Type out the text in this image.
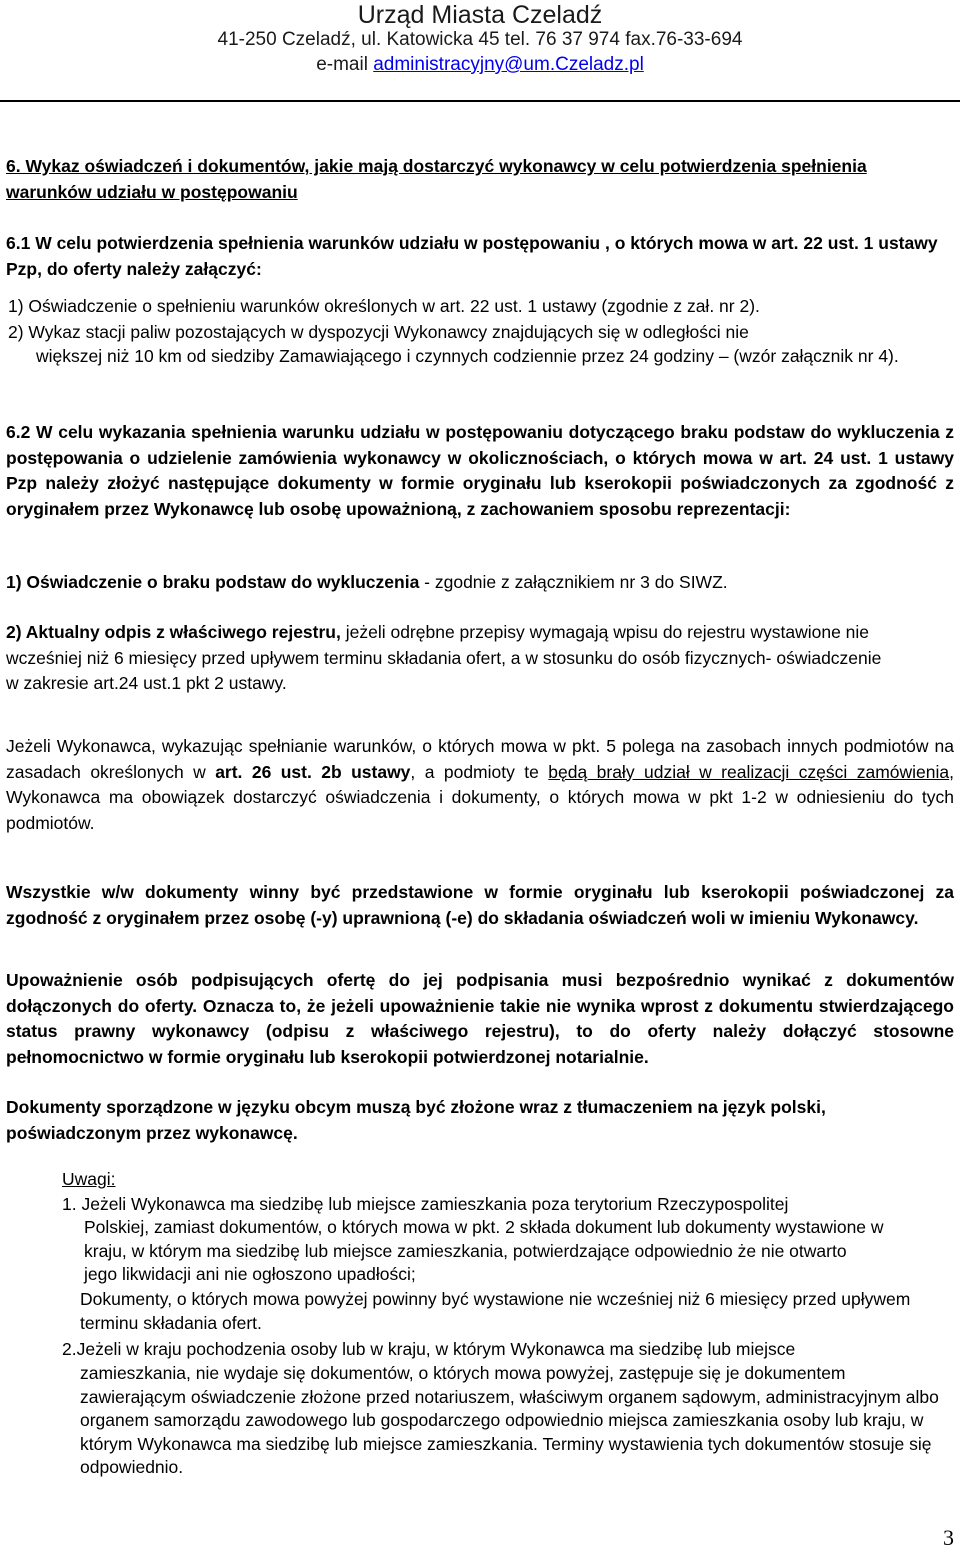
Urząd Miasta Czeladź
41-250 Czeladź, ul. Katowicka 45 tel. 76 37 974 fax.76-33-694
e-mail administracyjny@um.Czeladz.pl

6. Wykaz oświadczeń i dokumentów, jakie mają dostarczyć wykonawcy w celu potwierdzenia spełnienia warunków udziału w postępowaniu

6.1 W celu potwierdzenia spełnienia warunków udziału w postępowaniu , o których mowa w art. 22 ust. 1 ustawy Pzp, do oferty należy załączyć:

1) Oświadczenie o spełnieniu warunków określonych w art. 22 ust. 1 ustawy (zgodnie z zał. nr 2).

2) Wykaz stacji paliw pozostających w dyspozycji Wykonawcy znajdujących się w odległości nie

większej niż 10 km od siedziby Zamawiającego i czynnych codziennie przez 24 godziny – (wzór załącznik nr 4).

6.2 W celu wykazania spełnienia warunku udziału w postępowaniu dotyczącego braku podstaw do wykluczenia z postępowania o udzielenie zamówienia wykonawcy w okolicznościach, o których mowa w art. 24 ust. 1 ustawy Pzp należy złożyć następujące dokumenty w formie oryginału lub kserokopii poświadczonych za zgodność z oryginałem przez Wykonawcę lub osobę upoważnioną, z zachowaniem sposobu reprezentacji:

1) Oświadczenie o braku podstaw do wykluczenia - zgodnie z załącznikiem nr 3 do SIWZ.

2) Aktualny odpis z właściwego rejestru, jeżeli odrębne przepisy wymagają wpisu do rejestru wystawione nie wcześniej niż 6 miesięcy przed upływem terminu składania ofert, a w stosunku do osób fizycznych- oświadczenie w zakresie art.24 ust.1 pkt 2 ustawy.

Jeżeli Wykonawca, wykazując spełnianie warunków, o których mowa w pkt. 5 polega na zasobach innych podmiotów na zasadach określonych w art. 26 ust. 2b ustawy, a podmioty te będą brały udział w realizacji części zamówienia, Wykonawca ma obowiązek dostarczyć oświadczenia i dokumenty, o których mowa w pkt 1-2 w odniesieniu do tych podmiotów.

Wszystkie w/w dokumenty winny być przedstawione w formie oryginału lub kserokopii poświadczonej za zgodność z oryginałem przez osobę (-y) uprawnioną (-e) do składania oświadczeń woli w imieniu Wykonawcy.

Upoważnienie osób podpisujących ofertę do jej podpisania musi bezpośrednio wynikać z dokumentów dołączonych do oferty. Oznacza to, że jeżeli upoważnienie takie nie wynika wprost z dokumentu stwierdzającego status prawny wykonawcy (odpisu z właściwego rejestru), to do oferty należy dołączyć stosowne pełnomocnictwo w formie oryginału lub kserokopii potwierdzonej notarialnie.

Dokumenty sporządzone w języku obcym muszą być złożone wraz z tłumaczeniem na język polski, poświadczonym przez wykonawcę.

Uwagi:

1. Jeżeli Wykonawca ma siedzibę lub miejsce zamieszkania poza terytorium Rzeczypospolitej

Polskiej, zamiast dokumentów, o których mowa w pkt. 2 składa dokument lub dokumenty wystawione w kraju, w którym ma siedzibę lub miejsce zamieszkania, potwierdzające odpowiednio że nie otwarto jego likwidacji ani nie ogłoszono upadłości;

Dokumenty, o których mowa powyżej powinny być wystawione nie wcześniej niż 6 miesięcy przed upływem terminu składania ofert.

2.Jeżeli w kraju pochodzenia osoby lub w kraju, w którym Wykonawca ma siedzibę lub miejsce

zamieszkania, nie wydaje się dokumentów, o których mowa powyżej, zastępuje się je dokumentem zawierającym oświadczenie złożone przed notariuszem, właściwym organem sądowym, administracyjnym albo organem samorządu zawodowego lub gospodarczego odpowiednio miejsca zamieszkania osoby lub kraju, w którym Wykonawca ma siedzibę lub miejsce zamieszkania. Terminy wystawienia tych dokumentów stosuje się odpowiednio.

3
